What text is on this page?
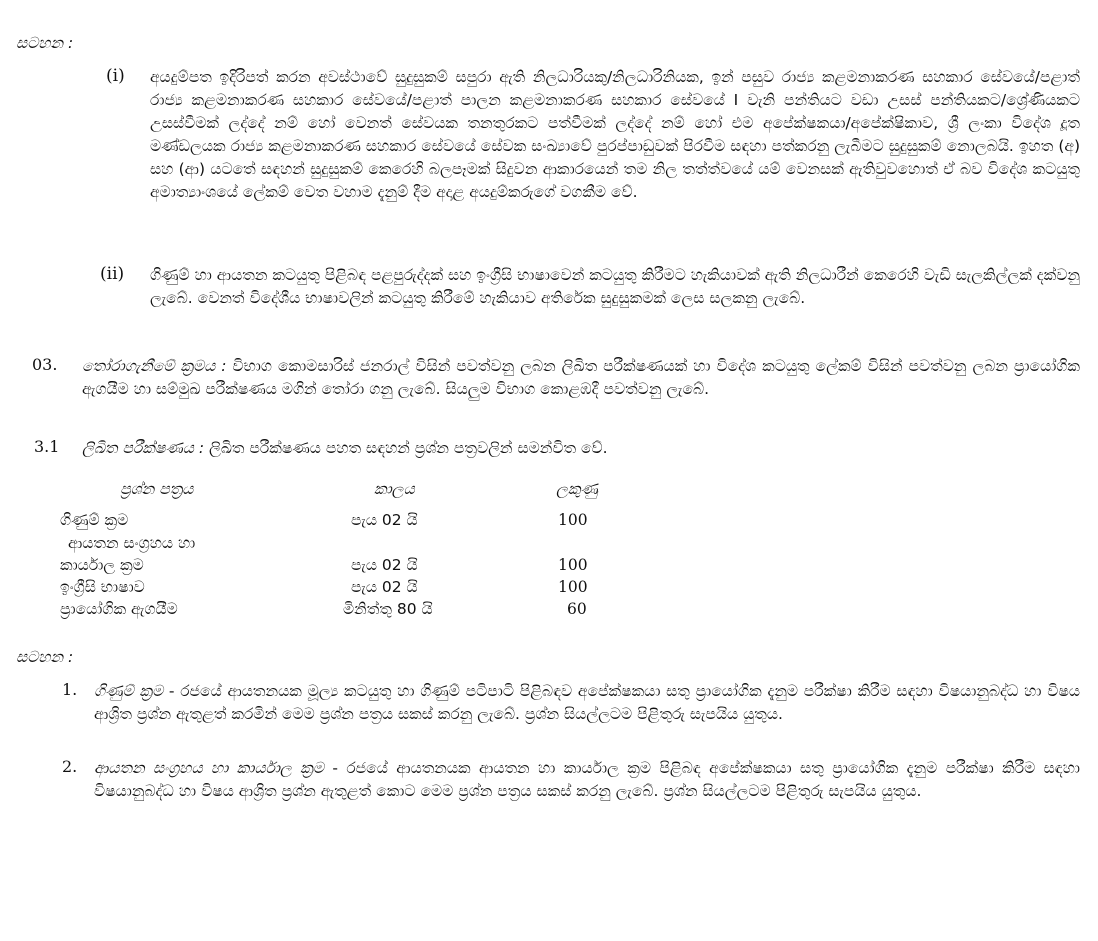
සටහන :
(i) අයදුම්පත ඉදිරිපත් කරන අවස්ථාවේ සුදුසුකම් සපුරා ඇති නිලධාරියකු/නිලධාරිනියක, ඉන් පසුව රාජ්‍ය කළමනාකරණ සහකාර සේවයේ/පළාත් රාජ්‍ය කළමනාකරණ සහකාර සේවයේ/පළාත් පාලන කළමනාකරණ සහකාර සේවයේ I වැනි පන්තියට වඩා උසස් පන්තියකට/ශ්‍රේණියකට උසස්වීමක් ලද්දේ නම් හෝ වෙනත් සේවයක තනතුරකට පත්වීමක් ලද්දේ නම් හෝ එම අපේක්ෂකයා/අපේක්ෂිකාව, ශ්‍රී ලංකා විදේශ දූත මණ්ඩලයක රාජ්‍ය කළමනාකරණ සහකාර සේවයේ සේවක සංඛ්‍යාවේ පුරප්පාඩුවක් පිරවීම සඳහා පත්කරනු ලැබීමට සුදුසුකම් නොලබයි. ඉහත (අ) සහ (ආ) යටතේ සඳහන් සුදුසුකම් කෙරෙහි බලපෑමක් සිදුවන ආකාරයෙන් තම නිල තත්ත්වයේ යම් වෙනසක් ඇතිවුවහොත් ඒ බව විදේශ කටයුතු අමාත්‍යාංශයේ ලේකම් වෙත වහාම දැනුම් දීම අදාළ අයදුම්කරුගේ වගකීම වේ.

(ii) ගිණුම් හා ආයතන කටයුතු පිළිබඳ පළපුරුද්දක් සහ ඉංග්‍රීසි භාෂාවෙන් කටයුතු කිරීමට හැකියාවක් ඇති නිලධාරීන් කෙරෙහි වැඩි සැලකිල්ලක් දක්වනු ලැබේ. වෙනත් විදේශීය භාෂාවලින් කටයුතු කිරීමේ හැකියාව අතිරේක සුදුසුකමක් ලෙස සලකනු ලැබේ.

03. තෝරාගැනීමේ ක්‍රමය : විභාග කොමසාරිස් ජනරාල් විසින් පවත්වනු ලබන ලිඛිත පරීක්ෂණයක් හා විදේශ කටයුතු ලේකම් විසින් පවත්වනු ලබන ප්‍රායෝගික ඇගයීම හා සම්මුඛ පරීක්ෂණය මගින් තෝරා ගනු ලැබේ. සියලුම විභාග කොළඹදී පවත්වනු ලැබේ.

3.1 ලිඛිත පරීක්ෂණය : ලිඛිත පරීක්ෂණය පහත සඳහන් ප්‍රශ්න පත්‍රවලින් සමන්විත වේ.

ප්‍රශ්න පත්‍රය	කාලය	ලකුණු
ගිණුම් ක්‍රම	පැය 02 යි	100
ආයතන සංග්‍රහය හා
කාර්යාල ක්‍රම	පැය 02 යි	100
ඉංග්‍රීසි භාෂාව	පැය 02 යි	100
ප්‍රායෝගික ඇගයීම	මිනිත්තු 80 යි	60
සටහන :
1. ගිණුම් ක්‍රම - රජයේ ආයතනයක මූල්‍ය කටයුතු හා ගිණුම් පටිපාටි පිළිබඳව අපේක්ෂකයා සතු ප්‍රායෝගික දැනුම පරීක්ෂා කිරීම සඳහා විෂයානුබද්ධ හා විෂය ආශ්‍රිත ප්‍රශ්න ඇතුළත් කරමින් මෙම ප්‍රශ්න පත්‍රය සකස් කරනු ලැබේ. ප්‍රශ්න සියල්ලටම පිළිතුරු සැපයිය යුතුය.

2. ආයතන සංග්‍රහය හා කාර්යාල ක්‍රම - රජයේ ආයතනයක ආයතන හා කාර්යාල ක්‍රම පිළිබඳ අපේක්ෂකයා සතු ප්‍රායෝගික දැනුම පරීක්ෂා කිරීම සඳහා විෂයානුබද්ධ හා විෂය ආශ්‍රිත ප්‍රශ්න ඇතුළත් කොට මෙම ප්‍රශ්න පත්‍රය සකස් කරනු ලැබේ. ප්‍රශ්න සියල්ලටම පිළිතුරු සැපයිය යුතුය.
